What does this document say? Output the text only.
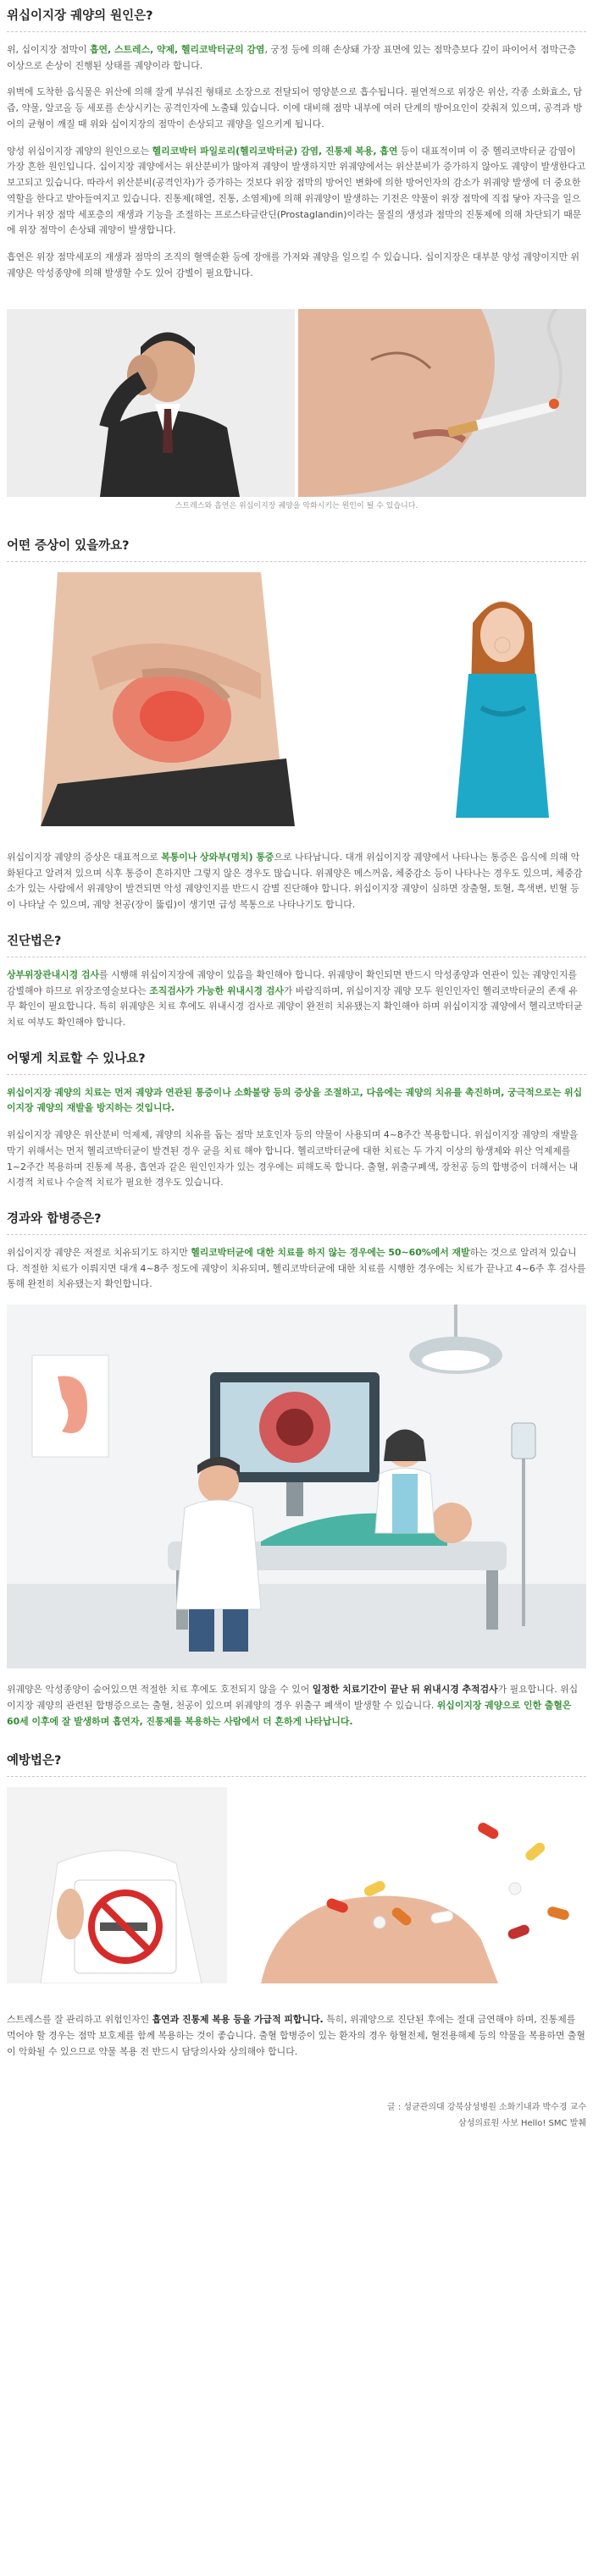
위십이지장 궤양의 원인은?

위, 십이지장 점막이 흡연, 스트레스, 약제, 헬리코박터균의 감염, 궁정 등에 의해 손상돼 가장 표면에 있는 점막층보다 깊이 파이어서 점막근층 이상으로 손상이 진행된 상태를 궤양이라 합니다.

위벽에 도착한 음식물은 위산에 의해 잘게 부숴진 형태로 소장으로 전달되어 영양분으로 흡수됩니다. 필연적으로 위장은 위산, 각종 소화효소, 담즙, 약물, 알코올 등 세포를 손상시키는 공격인자에 노출돼 있습니다. 이에 대비해 점막 내부에 여러 단계의 방어요인이 갖춰져 있으며, 공격과 방어의 균형이 깨질 때 위와 십이지장의 점막이 손상되고 궤양을 일으키게 됩니다.

양성 위십이지장 궤양의 원인으로는 헬리코박터 파일로리(헬리코박터균) 감염, 진통제 복용, 흡연 등이 대표적이며 이 중 헬리코박터균 감염이 가장 흔한 원인입니다. 십이지장 궤양에서는 위산분비가 많아져 궤양이 발생하지만 위궤양에서는 위산분비가 증가하지 않아도 궤양이 발생한다고 보고되고 있습니다. 따라서 위산분비(공격인자)가 증가하는 것보다 위장 점막의 방어인 변화에 의한 방어인자의 감소가 위궤양 발생에 더 중요한 역할을 한다고 받아들여지고 있습니다. 진통제(해열, 진통, 소염제)에 의해 위궤양이 발생하는 기전은 약물이 위장 점막에 직접 닿아 자극을 일으키거나 위장 점막 세포층의 재생과 기능을 조절하는 프로스타글란딘(Prostaglandin)이라는 물질의 생성과 점막의 진통제에 의해 차단되기 때문에 위장 점막이 손상돼 궤양이 발생합니다.

흡연은 위장 점막세포의 재생과 점막의 조직의 혈액순환 등에 장애를 가져와 궤양을 일으킬 수 있습니다. 십이지장은 대부분 양성 궤양이지만 위궤양은 악성종양에 의해 발생할 수도 있어 감별이 필요합니다.

스트레스와 흡연은 위십이지장 궤양을 악화시키는 원인이 될 수 있습니다.
어떤 증상이 있을까요?

위십이지장 궤양의 증상은 대표적으로 복통이나 상와부(명치) 통증으로 나타납니다. 대개 위십이지장 궤양에서 나타나는 통증은 음식에 의해 악화된다고 알려져 있으며 식후 통증이 흔하지만 그렇지 않은 경우도 많습니다. 위궤양은 메스꺼움, 체중감소 등이 나타나는 경우도 있으며, 체중감소가 있는 사람에서 위궤양이 발견되면 악성 궤양인지를 반드시 감별 진단해야 합니다. 위십이지장 궤양이 심하면 장출혈, 토혈, 흑색변, 빈혈 등이 나타날 수 있으며, 궤양 천공(장이 뚫림)이 생기면 급성 복통으로 나타나기도 합니다.

진단법은?

상부위장관내시경 검사를 시행해 위십이지장에 궤양이 있음을 확인해야 합니다. 위궤양이 확인되면 반드시 악성종양과 연관이 있는 궤양인지를 감별해야 하므로 위장조영술보다는 조직검사가 가능한 위내시경 검사가 바람직하며, 위십이지장 궤양 모두 원인인자인 헬리코박터균의 존재 유무 확인이 필요합니다. 특히 위궤양은 치료 후에도 위내시경 검사로 궤양이 완전히 치유됐는지 확인해야 하며 위십이지장 궤양에서 헬리코박터균 치료 여부도 확인해야 합니다.

어떻게 치료할 수 있나요?

위십이지장 궤양의 치료는 먼저 궤양과 연관된 통증이나 소화불량 등의 증상을 조절하고, 다음에는 궤양의 치유를 촉진하며, 궁극적으로는 위십이지장 궤양의 재발을 방지하는 것입니다.

위십이지장 궤양은 위산분비 억제제, 궤양의 치유를 돕는 점막 보호인자 등의 약물이 사용되며 4~8주간 복용합니다. 위십이지장 궤양의 재발을 막기 위해서는 먼저 헬리코박터균이 발견된 경우 균을 치료 해야 합니다. 헬리코박터균에 대한 치료는 두 가지 이상의 항생제와 위산 억제제를 1~2주간 복용하며 진통제 복용, 흡연과 같은 원인인자가 있는 경우에는 피해도록 합니다. 출혈, 위출구폐색, 장천공 등의 합병증이 더해서는 내시경적 치료나 수술적 치료가 필요한 경우도 있습니다.

경과와 합병증은?

위십이지장 궤양은 저절로 치유되기도 하지만 헬리코박터균에 대한 치료를 하지 않는 경우에는 50~60%에서 재발하는 것으로 알려져 있습니다. 적절한 치료가 이뤄지면 대개 4~8주 정도에 궤양이 치유되며, 헬리코박터균에 대한 치료를 시행한 경우에는 치료가 끝나고 4~6주 후 검사를 통해 완전히 치유됐는지 확인합니다.

위궤양은 악성종양이 숨어있으면 적절한 치료 후에도 호전되지 않을 수 있어 일정한 치료기간이 끝난 뒤 위내시경 추적검사가 필요합니다. 위십이지장 궤양의 관련된 합병증으로는 출혈, 천공이 있으며 위궤양의 경우 위출구 폐색이 발생할 수 있습니다. 위십이지장 궤양으로 인한 출혈은 60세 이후에 잘 발생하며 흡연자, 진통제를 복용하는 사람에서 더 흔하게 나타납니다.

예방법은?

스트레스를 잘 관리하고 위험인자인 흡연과 진통제 복용 등을 가급적 피합니다. 특히, 위궤양으로 진단된 후에는 절대 금연해야 하며, 진통제를 먹어야 할 경우는 점막 보호제를 함께 복용하는 것이 좋습니다. 출혈 합병증이 있는 환자의 경우 항혈전제, 혈전용해제 등의 약물을 복용하면 출혈이 악화될 수 있으므로 약물 복용 전 반드시 담당의사와 상의해야 합니다.

글 : 성균관의대 강북삼성병원 소화기내과 박수경 교수
삼성의료원 사보 Hello! SMC 발췌
